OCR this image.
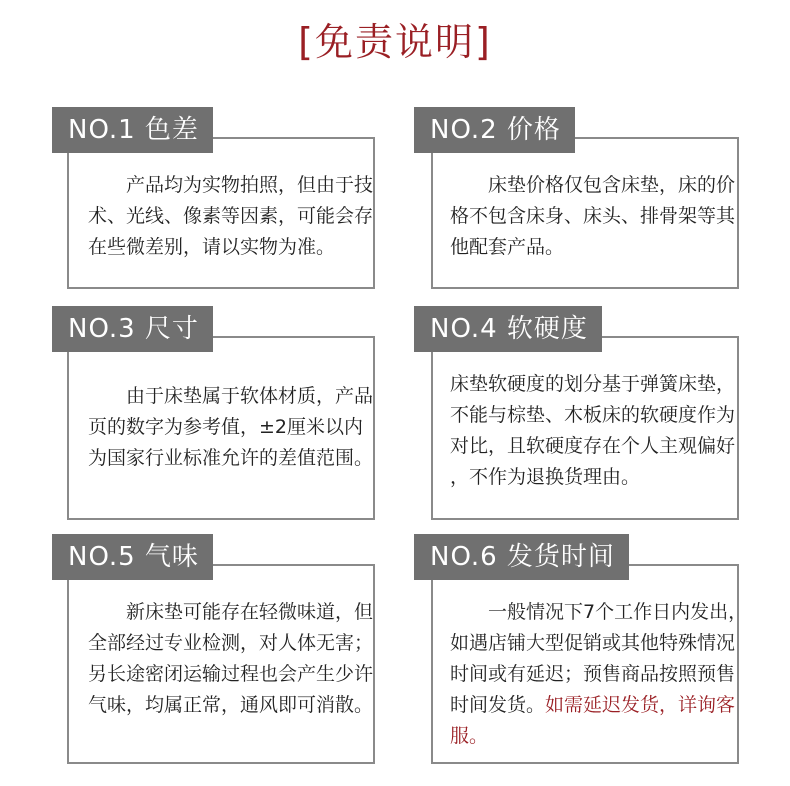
[免责说明]
NO.1 色差

　　产品均为实物拍照，但由于技

术、光线、像素等因素，可能会存

在些微差别，请以实物为准。

NO.2 价格

　　床垫价格仅包含床垫，床的价

格不包含床身、床头、排骨架等其

他配套产品。

NO.3 尺寸

　　由于床垫属于软体材质，产品

页的数字为参考值，±2厘米以内

为国家行业标准允许的差值范围。

NO.4 软硬度

床垫软硬度的划分基于弹簧床垫，

不能与棕垫、木板床的软硬度作为

对比，且软硬度存在个人主观偏好

，不作为退换货理由。

NO.5 气味

　　新床垫可能存在轻微味道，但

全部经过专业检测，对人体无害；

另长途密闭运输过程也会产生少许

气味，均属正常，通风即可消散。

NO.6 发货时间

　　一般情况下7个工作日内发出，

如遇店铺大型促销或其他特殊情况

时间或有延迟；预售商品按照预售

时间发货。如需延迟发货，详询客

服。
